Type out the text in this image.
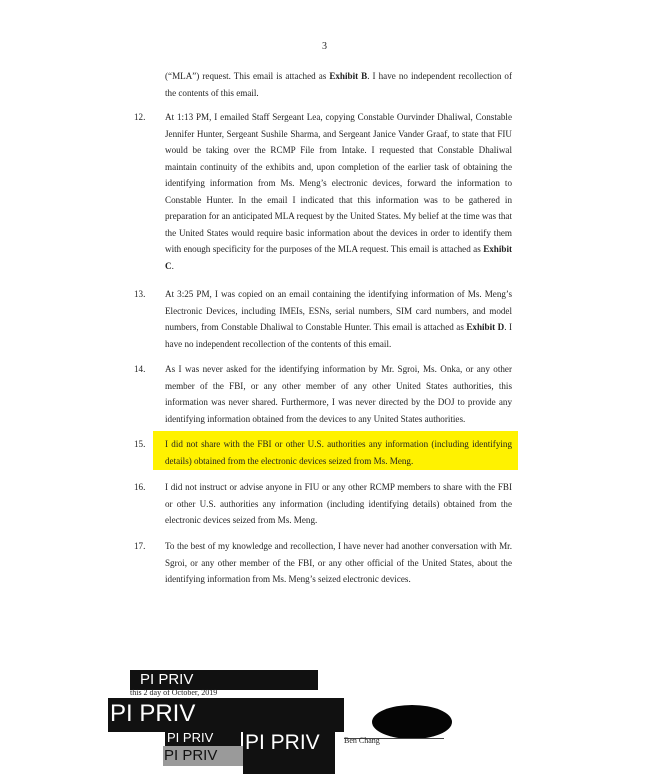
3
(“MLA”) request. This email is attached as Exhibit B. I have no independent recollection of the contents of this email.
12. At 1:13 PM, I emailed Staff Sergeant Lea, copying Constable Ourvinder Dhaliwal, Constable Jennifer Hunter, Sergeant Sushile Sharma, and Sergeant Janice Vander Graaf, to state that FIU would be taking over the RCMP File from Intake. I requested that Constable Dhaliwal maintain continuity of the exhibits and, upon completion of the earlier task of obtaining the identifying information from Ms. Meng’s electronic devices, forward the information to Constable Hunter. In the email I indicated that this information was to be gathered in preparation for an anticipated MLA request by the United States. My belief at the time was that the United States would require basic information about the devices in order to identify them with enough specificity for the purposes of the MLA request. This email is attached as Exhibit C.
13. At 3:25 PM, I was copied on an email containing the identifying information of Ms. Meng’s Electronic Devices, including IMEIs, ESNs, serial numbers, SIM card numbers, and model numbers, from Constable Dhaliwal to Constable Hunter. This email is attached as Exhibit D. I have no independent recollection of the contents of this email.
14. As I was never asked for the identifying information by Mr. Sgroi, Ms. Onka, or any other member of the FBI, or any other member of any other United States authorities, this information was never shared. Furthermore, I was never directed by the DOJ to provide any identifying information obtained from the devices to any United States authorities.
15. I did not share with the FBI or other U.S. authorities any information (including identifying details) obtained from the electronic devices seized from Ms. Meng.
16. I did not instruct or advise anyone in FIU or any other RCMP members to share with the FBI or other U.S. authorities any information (including identifying details) obtained from the electronic devices seized from Ms. Meng.
17. To the best of my knowledge and recollection, I have never had another conversation with Mr. Sgroi, or any other member of the FBI, or any other official of the United States, about the identifying information from Ms. Meng’s seized electronic devices.
PI PRIV
this 2 day of October, 2019
PI PRIV
Ben Chang
PI PRIV
PI PRIV
PI PRIV
